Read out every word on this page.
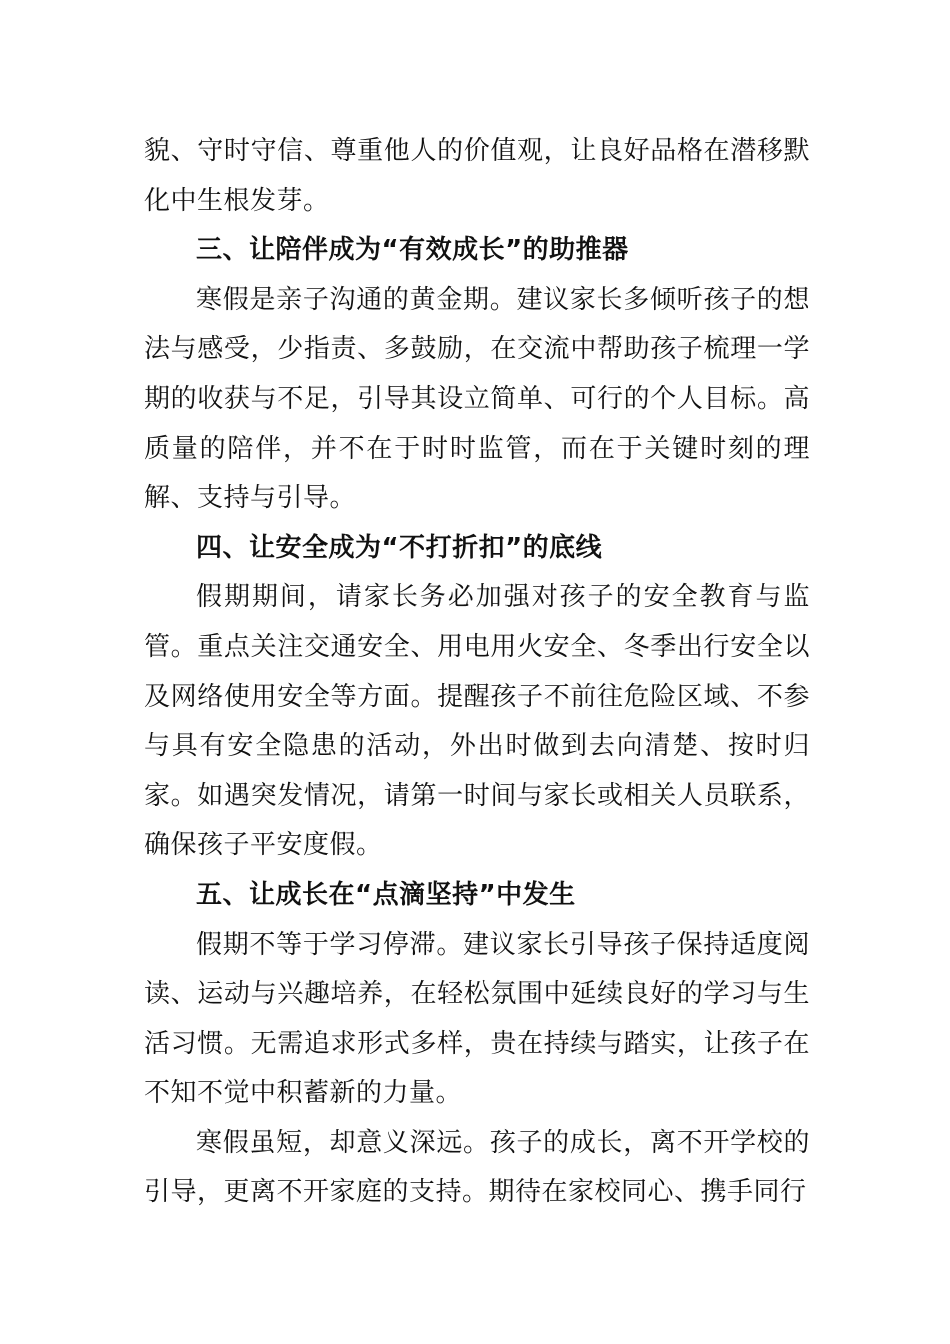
貌、守时守信、尊重他人的价值观，让良好品格在潜移默化中生根发芽。

三、让陪伴成为“有效成长”的助推器

寒假是亲子沟通的黄金期。建议家长多倾听孩子的想法与感受，少指责、多鼓励，在交流中帮助孩子梳理一学期的收获与不足，引导其设立简单、可行的个人目标。高质量的陪伴，并不在于时时监管，而在于关键时刻的理解、支持与引导。

四、让安全成为“不打折扣”的底线

假期期间，请家长务必加强对孩子的安全教育与监管。重点关注交通安全、用电用火安全、冬季出行安全以及网络使用安全等方面。提醒孩子不前往危险区域、不参与具有安全隐患的活动，外出时做到去向清楚、按时归家。如遇突发情况，请第一时间与家长或相关人员联系，确保孩子平安度假。

五、让成长在“点滴坚持”中发生

假期不等于学习停滞。建议家长引导孩子保持适度阅读、运动与兴趣培养，在轻松氛围中延续良好的学习与生活习惯。无需追求形式多样，贵在持续与踏实，让孩子在不知不觉中积蓄新的力量。

寒假虽短，却意义深远。孩子的成长，离不开学校的引导，更离不开家庭的支持。期待在家校同心、携手同行
